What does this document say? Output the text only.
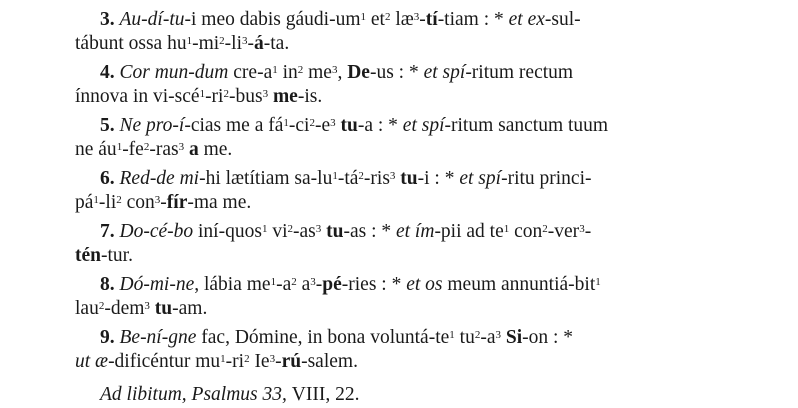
3. Au-dí-tu-i meo dabis gáudi-$um^1$ $et^2$ $læ^3-tí$-tiam : * et ex-sul-

tábunt ossa $hu^1-mi^2-li^3-á-ta$.

4. Cor mun-dum cre-$a^1$ $in^2$ $me^3$, De-us : * et spí-ritum rectum

ínnova in $vi-scé^1-ri^2-bus^3$ me-is.

5. Ne pro-í-cias me a $fá^1-ci^2-e^3$ tu-a : * et spí-ritum sanctum tuum

ne $áu^1-fe^2-ras^3$ a me.

6. Red-de mi-hi lætítiam $sa-lu^1-tá^2-ris^3$ tu-i : * et spí-ritu princi-

$pá^1-li^2$ con$^3$-fír-ma me.

7. Do-cé-bo iní-quos$^1$ $vi^2-as^3$ tu-as : * et ím-pii ad $te^1$ con$^2$-ver$^3$-

tén-tur.

8. Dó-mi-ne, lábia $me^1-a^2$ $a^3-pé$-ries : * et os meum annuntiá-bit$^1$

lau$^2$-dem$^3$ tu-am.

9. Be-ní-gne fac, Dómine, in bona voluntá-$te^1$ $tu^2-a^3$ Si-on : *

ut æ-dificéntur $mu^1-ri^2$ Ie$^3$-rú-salem.

Ad libitum, Psalmus 33, VIII, 22.
